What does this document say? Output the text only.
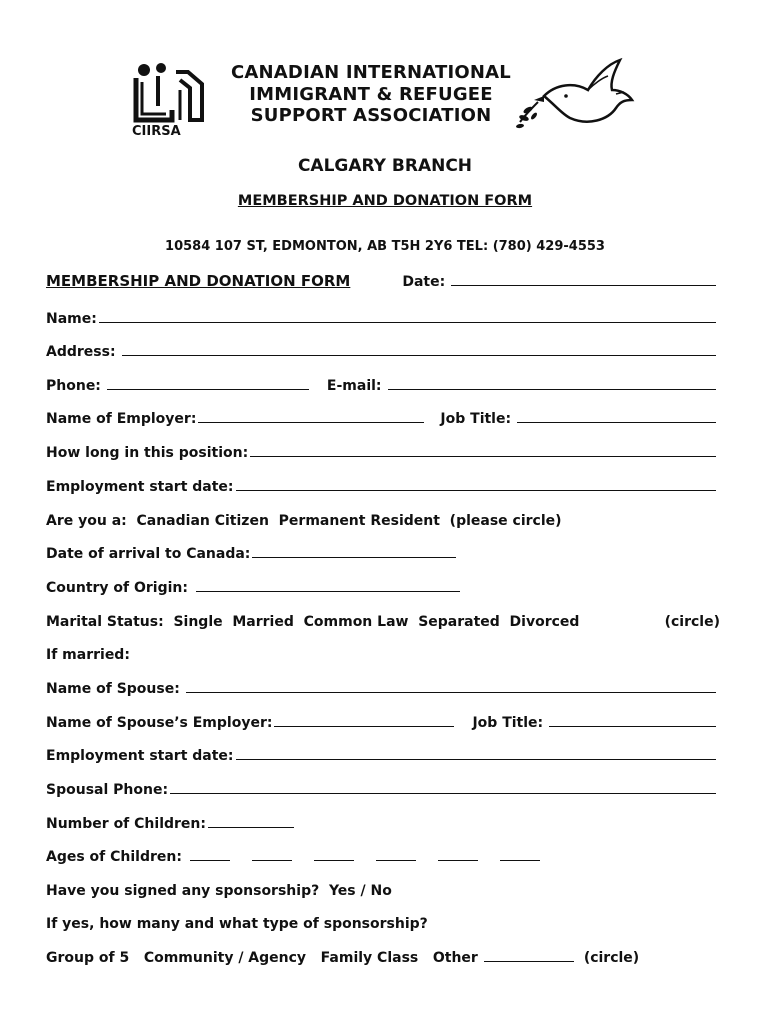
CIIRSA
CANADIAN INTERNATIONAL
IMMIGRANT & REFUGEE
SUPPORT ASSOCIATION
CALGARY BRANCH
MEMBERSHIP AND DONATION FORM
10584 107 ST, EDMONTON, AB T5H 2Y6 TEL: (780) 429-4553
MEMBERSHIP AND DONATION FORM	Date:
Name:
Address:
Phone:	E-mail:
Name of Employer:	Job Title:
How long in this position:
Employment start date:
Are you a:  Canadian Citizen  Permanent Resident  (please circle)
Date of arrival to Canada:
Country of Origin:
Marital Status:  Single  Married  Common Law  Separated  Divorced	(circle)
If married:
Name of Spouse:
Name of Spouse’s Employer:	Job Title:
Employment start date:
Spousal Phone:
Number of Children:
Ages of Children:
Have you signed any sponsorship?  Yes / No
If yes, how many and what type of sponsorship?
Group of 5   Community / Agency   Family Class   Other	(circle)
